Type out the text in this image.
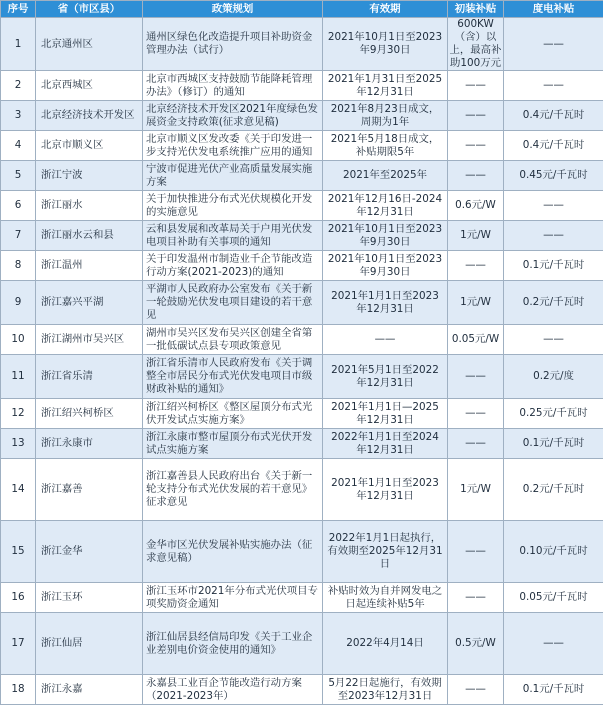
序号	省（市区县）	政策规划	有效期	初装补贴	度电补贴
1	北京通州区	通州区绿色化改造提升项目补助资金管理办法（试行）	2021年10月1日至2023年9月30日	600KW（含）以上，最高补助100万元	——
2	北京西城区	北京市西城区支持鼓励节能降耗管理办法》（修订）的通知	2021年1月31日至2025年12月31日	——	——
3	北京经济技术开发区	北京经济技术开发区2021年度绿色发展资金支持政策(征求意见稿)	2021年8月23日成文，周期为1年	——	0.4元/千瓦时
4	北京市顺义区	北京市顺义区发改委《关于印发进一步支持光伏发电系统推广应用的通知	2021年5月18日成文，补贴期限5年	——	0.4元/千瓦时
5	浙江宁波	宁波市促进光伏产业高质量发展实施方案	2021年至2025年	——	0.45元/千瓦时
6	浙江丽水	关于加快推进分布式光伏规模化开发的实施意见	2021年12月16日-2024年12月31日	0.6元/W	——
7	浙江丽水云和县	云和县发展和改革局关于户用光伏发电项目补助有关事项的通知	2021年10月1日至2023年9月30日	1元/W	——
8	浙江温州	关于印发温州市制造业千企节能改造行动方案(2021-2023)的通知	2021年10月1日至2023年9月30日	——	0.1元/千瓦时
9	浙江嘉兴平湖	平湖市人民政府办公室发布《关于新一轮鼓励光伏发电项目建设的若干意见	2021年1月1日至2023年12月31日	1元/W	0.2元/千瓦时
10	浙江湖州市吴兴区	湖州市吴兴区发布吴兴区创建全省第一批低碳试点县专项政策意见	——	0.05元/W	——
11	浙江省乐清	浙江省乐清市人民政府发布《关于调整全市居民分布式光伏发电项目市级财政补贴的通知》	2021年5月1日至2022年12月31日	——	0.2元/度
12	浙江绍兴柯桥区	浙江绍兴柯桥区《整区屋顶分布式光伏开发试点实施方案》	2021年1月1日—2025年12月31日	——	0.25元/千瓦时
13	浙江永康市	浙江永康市整市屋顶分布式光伏开发试点实施方案	2022年1月1日至2024年12月31日	——	0.1元/千瓦时
14	浙江嘉善	浙江嘉善县人民政府出台《关于新一轮支持分布式光伏发展的若干意见》征求意见	2021年1月1日至2023年12月31日	1元/W	0.2元/千瓦时
15	浙江金华	金华市区光伏发展补贴实施办法（征求意见稿）	2022年1月1日起执行，有效期至2025年12月31日	——	0.10元/千瓦时
16	浙江玉环	浙江玉环市2021年分布式光伏项目专项奖励资金通知	补贴时效为自并网发电之日起连续补贴5年	——	0.05元/千瓦时
17	浙江仙居	浙江仙居县经信局印发《关于工业企业差别电价资金使用的通知》	2022年4月14日	0.5元/W	——
18	浙江永嘉	永嘉县工业百企节能改造行动方案（2021-2023年）	5月22日起施行，有效期至2023年12月31日	——	0.1元/千瓦时
